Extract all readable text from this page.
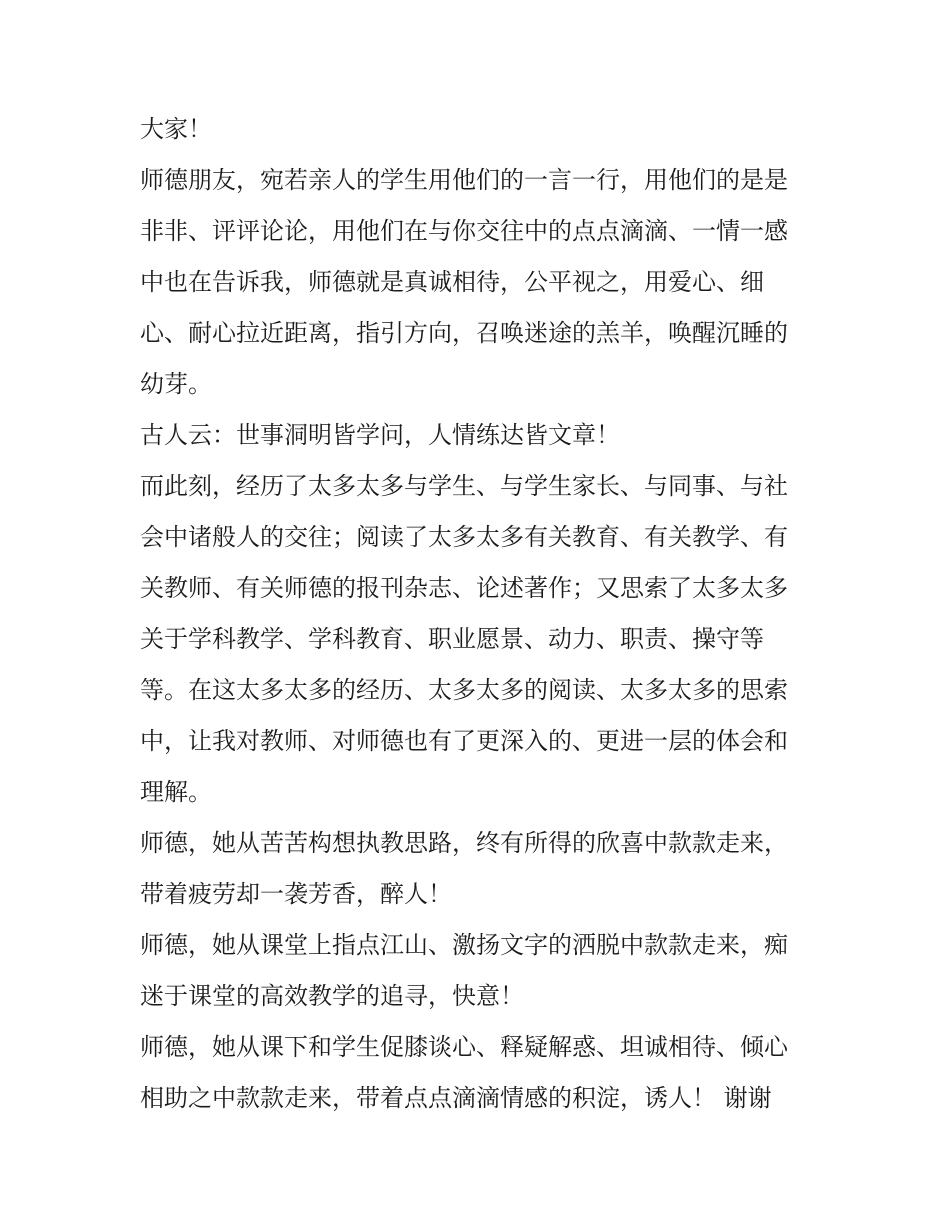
大家！
师德朋友，宛若亲人的学生用他们的一言一行，用他们的是是
非非、评评论论，用他们在与你交往中的点点滴滴、一情一感
中也在告诉我，师德就是真诚相待，公平视之，用爱心、细
心、耐心拉近距离，指引方向，召唤迷途的羔羊，唤醒沉睡的
幼芽。
古人云：世事洞明皆学问，人情练达皆文章！
而此刻，经历了太多太多与学生、与学生家长、与同事、与社
会中诸般人的交往；阅读了太多太多有关教育、有关教学、有
关教师、有关师德的报刊杂志、论述著作；又思索了太多太多
关于学科教学、学科教育、职业愿景、动力、职责、操守等
等。在这太多太多的经历、太多太多的阅读、太多太多的思索
中，让我对教师、对师德也有了更深入的、更进一层的体会和
理解。
师德，她从苦苦构想执教思路，终有所得的欣喜中款款走来，
带着疲劳却一袭芳香，醉人！
师德，她从课堂上指点江山、激扬文字的洒脱中款款走来，痴
迷于课堂的高效教学的追寻，快意！
师德，她从课下和学生促膝谈心、释疑解惑、坦诚相待、倾心
相助之中款款走来，带着点点滴滴情感的积淀，诱人！ 谢谢
